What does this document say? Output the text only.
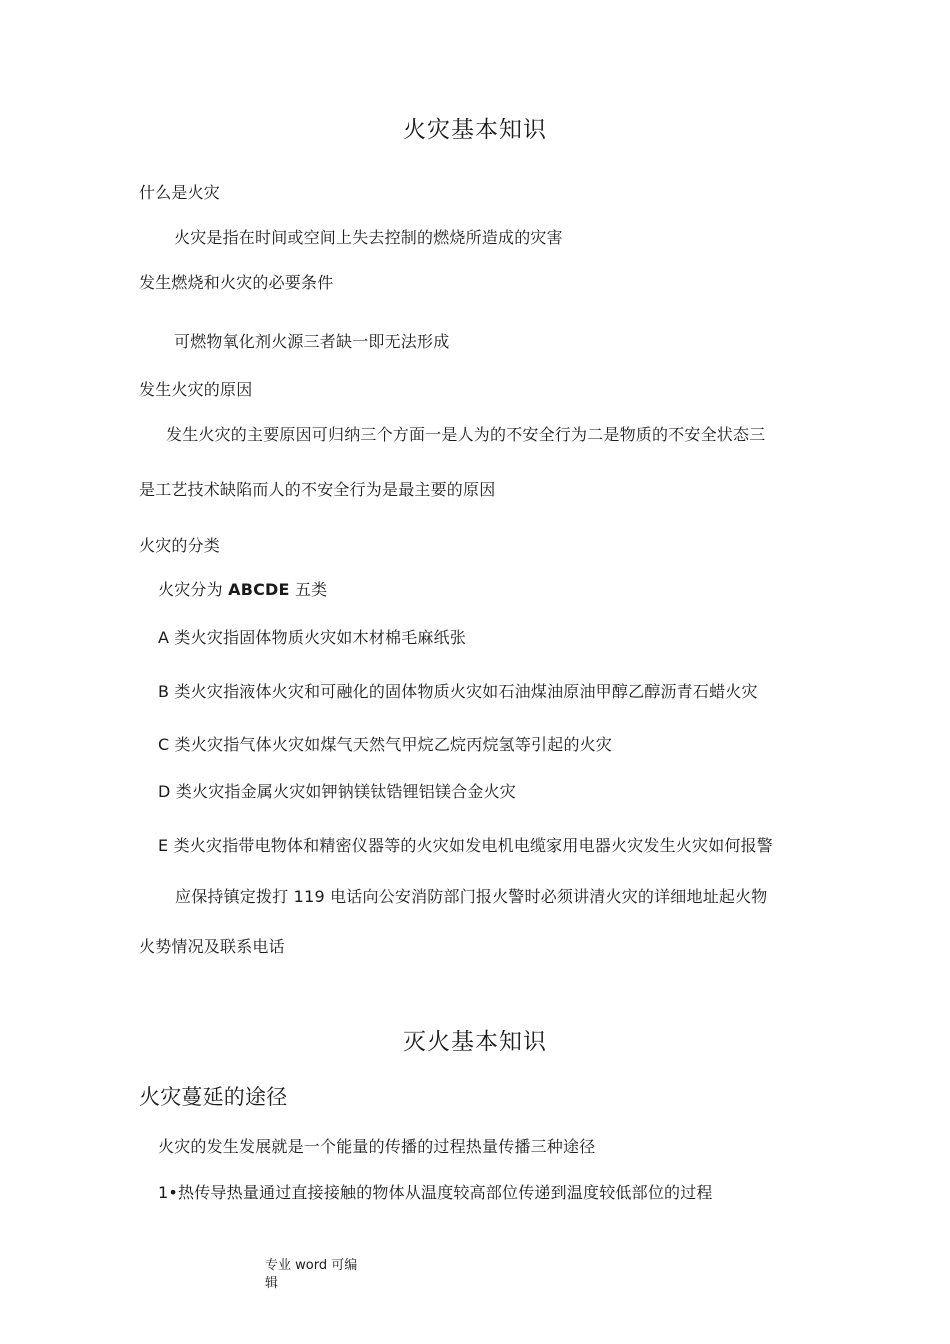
火灾基本知识
什么是火灾
火灾是指在时间或空间上失去控制的燃烧所造成的灾害
发生燃烧和火灾的必要条件
可燃物氧化剂火源三者缺一即无法形成
发生火灾的原因
发生火灾的主要原因可归纳三个方面一是人为的不安全行为二是物质的不安全状态三
是工艺技术缺陷而人的不安全行为是最主要的原因
火灾的分类
火灾分为 ABCDE 五类
A 类火灾指固体物质火灾如木材棉毛麻纸张
B 类火灾指液体火灾和可融化的固体物质火灾如石油煤油原油甲醇乙醇沥青石蜡火灾
C 类火灾指气体火灾如煤气天然气甲烷乙烷丙烷氢等引起的火灾
D 类火灾指金属火灾如钾钠镁钛锆锂铝镁合金火灾
E 类火灾指带电物体和精密仪器等的火灾如发电机电缆家用电器火灾发生火灾如何报警
应保持镇定拨打 119 电话向公安消防部门报火警时必须讲清火灾的详细地址起火物
火势情况及联系电话
灭火基本知识
火灾蔓延的途径
火灾的发生发展就是一个能量的传播的过程热量传播三种途径
1•热传导热量通过直接接触的物体从温度较高部位传递到温度较低部位的过程
专业 word 可编辑
